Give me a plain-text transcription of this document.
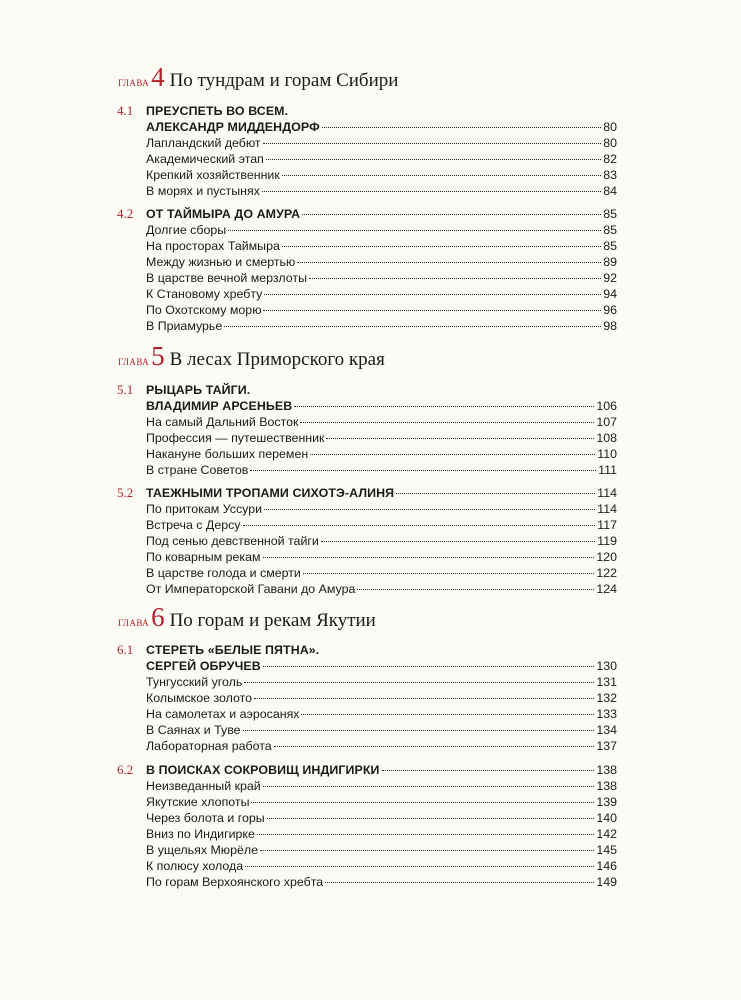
глава 4 По тундрам и горам Сибири
4.1 ПРЕУСПЕТЬ ВО ВСЕМ.
АЛЕКСАНДР МИДДЕНДОРФ	80
Лапландский дебют	80
Академический этап	82
Крепкий хозяйственник	83
В морях и пустынях	84
4.2 ОТ ТАЙМЫРА ДО АМУРА	85
Долгие сборы	85
На просторах Таймыра	85
Между жизнью и смертью	89
В царстве вечной мерзлоты	92
К Становому хребту	94
По Охотскому морю	96
В Приамурье	98
глава 5 В лесах Приморского края
5.1 РЫЦАРЬ ТАЙГИ.
ВЛАДИМИР АРСЕНЬЕВ	106
На самый Дальний Восток	107
Профессия — путешественник	108
Накануне больших перемен	110
В стране Советов	111
5.2 ТАЕЖНЫМИ ТРОПАМИ СИХОТЭ-АЛИНЯ	114
По притокам Уссури	114
Встреча с Дерсу	117
Под сенью девственной тайги	119
По коварным рекам	120
В царстве голода и смерти	122
От Императорской Гавани до Амура	124
глава 6 По горам и рекам Якутии
6.1 СТЕРЕТЬ «БЕЛЫЕ ПЯТНА».
СЕРГЕЙ ОБРУЧЕВ	130
Тунгусский уголь	131
Колымское золото	132
На самолетах и аэросанях	133
В Саянах и Туве	134
Лабораторная работа	137
6.2 В ПОИСКАХ СОКРОВИЩ ИНДИГИРКИ	138
Неизведанный край	138
Якутские хлопоты	139
Через болота и горы	140
Вниз по Индигирке	142
В ущельях Мюрёле	145
К полюсу холода	146
По горам Верхоянского хребта	149
